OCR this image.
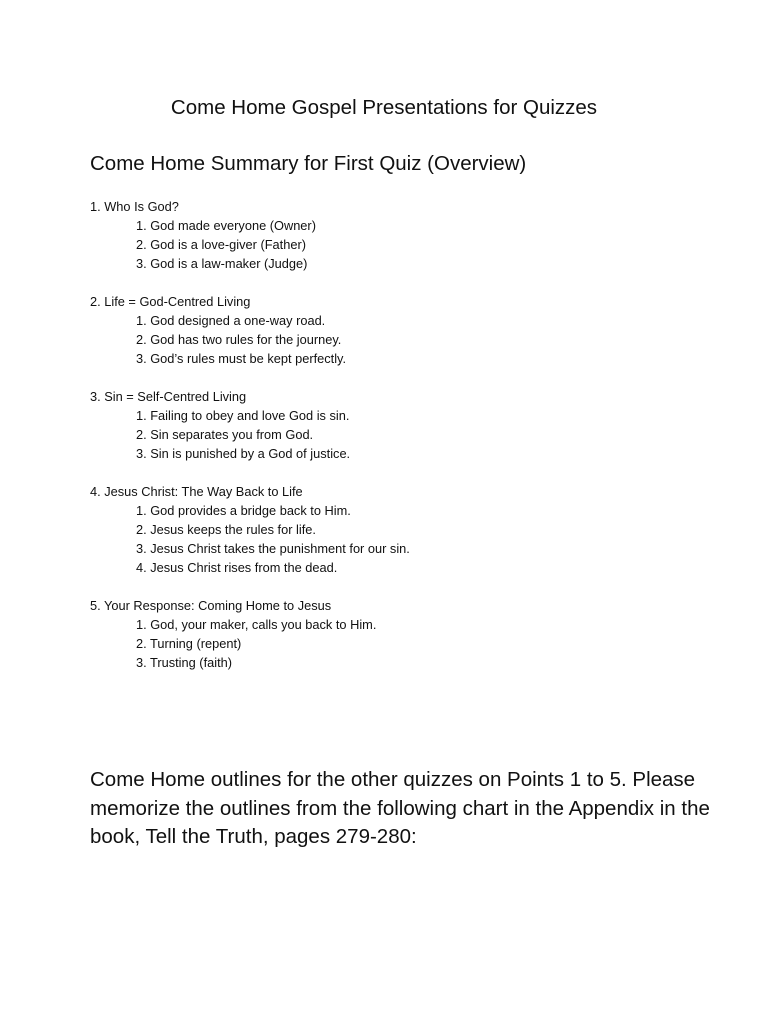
Come Home Gospel Presentations for Quizzes
Come Home Summary for First Quiz (Overview)
1. Who Is God?
1. God made everyone (Owner)
2. God is a love-giver (Father)
3. God is a law-maker (Judge)
2. Life = God-Centred Living
1. God designed a one-way road.
2. God has two rules for the journey.
3. God’s rules must be kept perfectly.
3. Sin = Self-Centred Living
1. Failing to obey and love God is sin.
2. Sin separates you from God.
3. Sin is punished by a God of justice.
4. Jesus Christ: The Way Back to Life
1. God provides a bridge back to Him.
2. Jesus keeps the rules for life.
3. Jesus Christ takes the punishment for our sin.
4. Jesus Christ rises from the dead.
5. Your Response: Coming Home to Jesus
1. God, your maker, calls you back to Him.
2. Turning (repent)
3. Trusting (faith)

Come Home outlines for the other quizzes on Points 1 to 5. Please memorize the outlines from the following chart in the Appendix in the book, Tell the Truth, pages 279-280:
